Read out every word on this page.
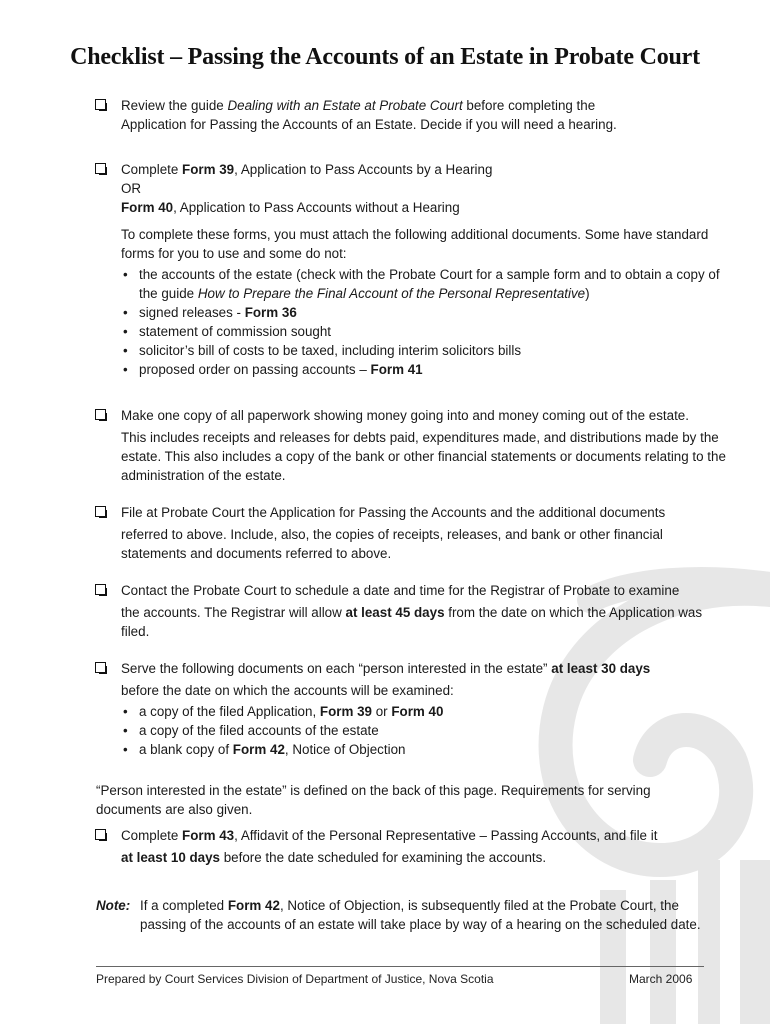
Checklist – Passing the Accounts of an Estate in Probate Court
Review the guide Dealing with an Estate at Probate Court before completing the
Application for Passing the Accounts of an Estate. Decide if you will need a hearing.
Complete Form 39, Application to Pass Accounts by a Hearing
OR
Form 40, Application to Pass Accounts without a Hearing
To complete these forms, you must attach the following additional documents. Some have standard forms for you to use and some do not:
• the accounts of the estate (check with the Probate Court for a sample form and to obtain a copy of the guide How to Prepare the Final Account of the Personal Representative)
• signed releases - Form 36
• statement of commission sought
• solicitor’s bill of costs to be taxed, including interim solicitors bills
• proposed order on passing accounts – Form 41
Make one copy of all paperwork showing money going into and money coming out of the estate.
This includes receipts and releases for debts paid, expenditures made, and distributions made by the estate. This also includes a copy of the bank or other financial statements or documents relating to the administration of the estate.
File at Probate Court the Application for Passing the Accounts and the additional documents
referred to above. Include, also, the copies of receipts, releases, and bank or other financial statements and documents referred to above.
Contact the Probate Court to schedule a date and time for the Registrar of Probate to examine
the accounts. The Registrar will allow at least 45 days from the date on which the Application was filed.
Serve the following documents on each “person interested in the estate” at least 30 days
before the date on which the accounts will be examined:
• a copy of the filed Application, Form 39 or Form 40
• a copy of the filed accounts of the estate
• a blank copy of Form 42, Notice of Objection
“Person interested in the estate” is defined on the back of this page. Requirements for serving documents are also given.
Complete Form 43, Affidavit of the Personal Representative – Passing Accounts, and file it
at least 10 days before the date scheduled for examining the accounts.
Note: If a completed Form 42, Notice of Objection, is subsequently filed at the Probate Court, the passing of the accounts of an estate will take place by way of a hearing on the scheduled date.
Prepared by Court Services Division of Department of Justice, Nova Scotia	March 2006
